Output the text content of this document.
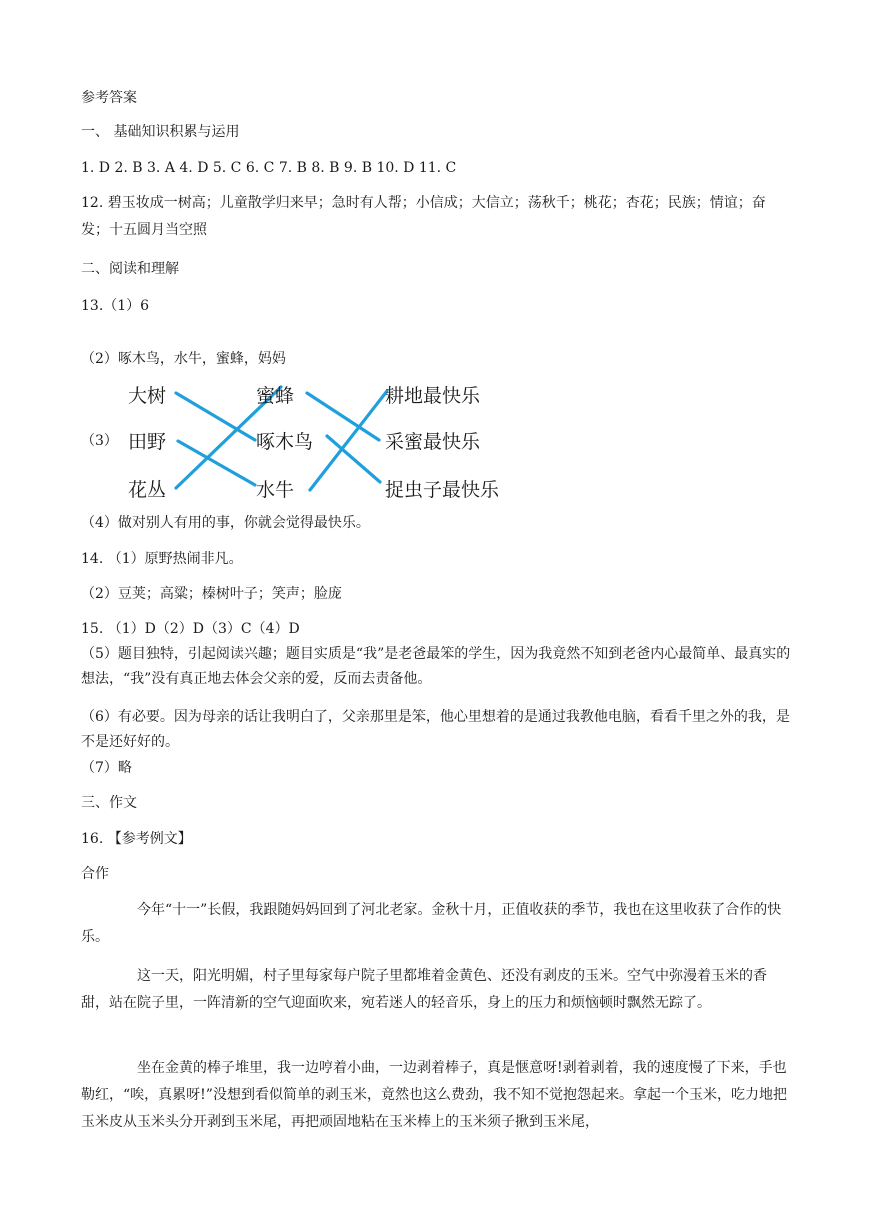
参考答案
一、 基础知识积累与运用
1. D 2. B 3. A 4. D 5. C 6. C 7. B 8. B 9. B 10. D 11. C
12. 碧玉妆成一树高；儿童散学归来早；急时有人帮；小信成；大信立；荡秋千；桃花；杏花；民族；情谊；奋发；十五圆月当空照
二、阅读和理解
13.（1）6
（2）啄木鸟，水牛，蜜蜂，妈妈
（3）
大树
田野
花丛
蜜蜂
啄木鸟
水牛
耕地最快乐
采蜜最快乐
捉虫子最快乐
（4）做对别人有用的事，你就会觉得最快乐。
14. （1）原野热闹非凡。
（2）豆荚；高粱；榛树叶子；笑声；脸庞
15. （1）D（2）D（3）C（4）D
（5）题目独特，引起阅读兴趣；题目实质是“我”是老爸最笨的学生，因为我竟然不知到老爸内心最简单、最真实的想法，“我”没有真正地去体会父亲的爱，反而去责备他。
（6）有必要。因为母亲的话让我明白了，父亲那里是笨，他心里想着的是通过我教他电脑，看看千里之外的我，是不是还好好的。
（7）略
三、作文
16. 【参考例文】
合作
今年“十一”长假，我跟随妈妈回到了河北老家。金秋十月，正值收获的季节，我也在这里收获了合作的快乐。
这一天，阳光明媚，村子里每家每户院子里都堆着金黄色、还没有剥皮的玉米。空气中弥漫着玉米的香甜，站在院子里，一阵清新的空气迎面吹来，宛若迷人的轻音乐，身上的压力和烦恼顿时飘然无踪了。
坐在金黄的棒子堆里，我一边哼着小曲，一边剥着棒子，真是惬意呀!剥着剥着，我的速度慢了下来，手也勒红，“唉，真累呀!”没想到看似简单的剥玉米，竟然也这么费劲，我不知不觉抱怨起来。拿起一个玉米，吃力地把玉米皮从玉米头分开剥到玉米尾，再把顽固地粘在玉米棒上的玉米须子揪到玉米尾，
